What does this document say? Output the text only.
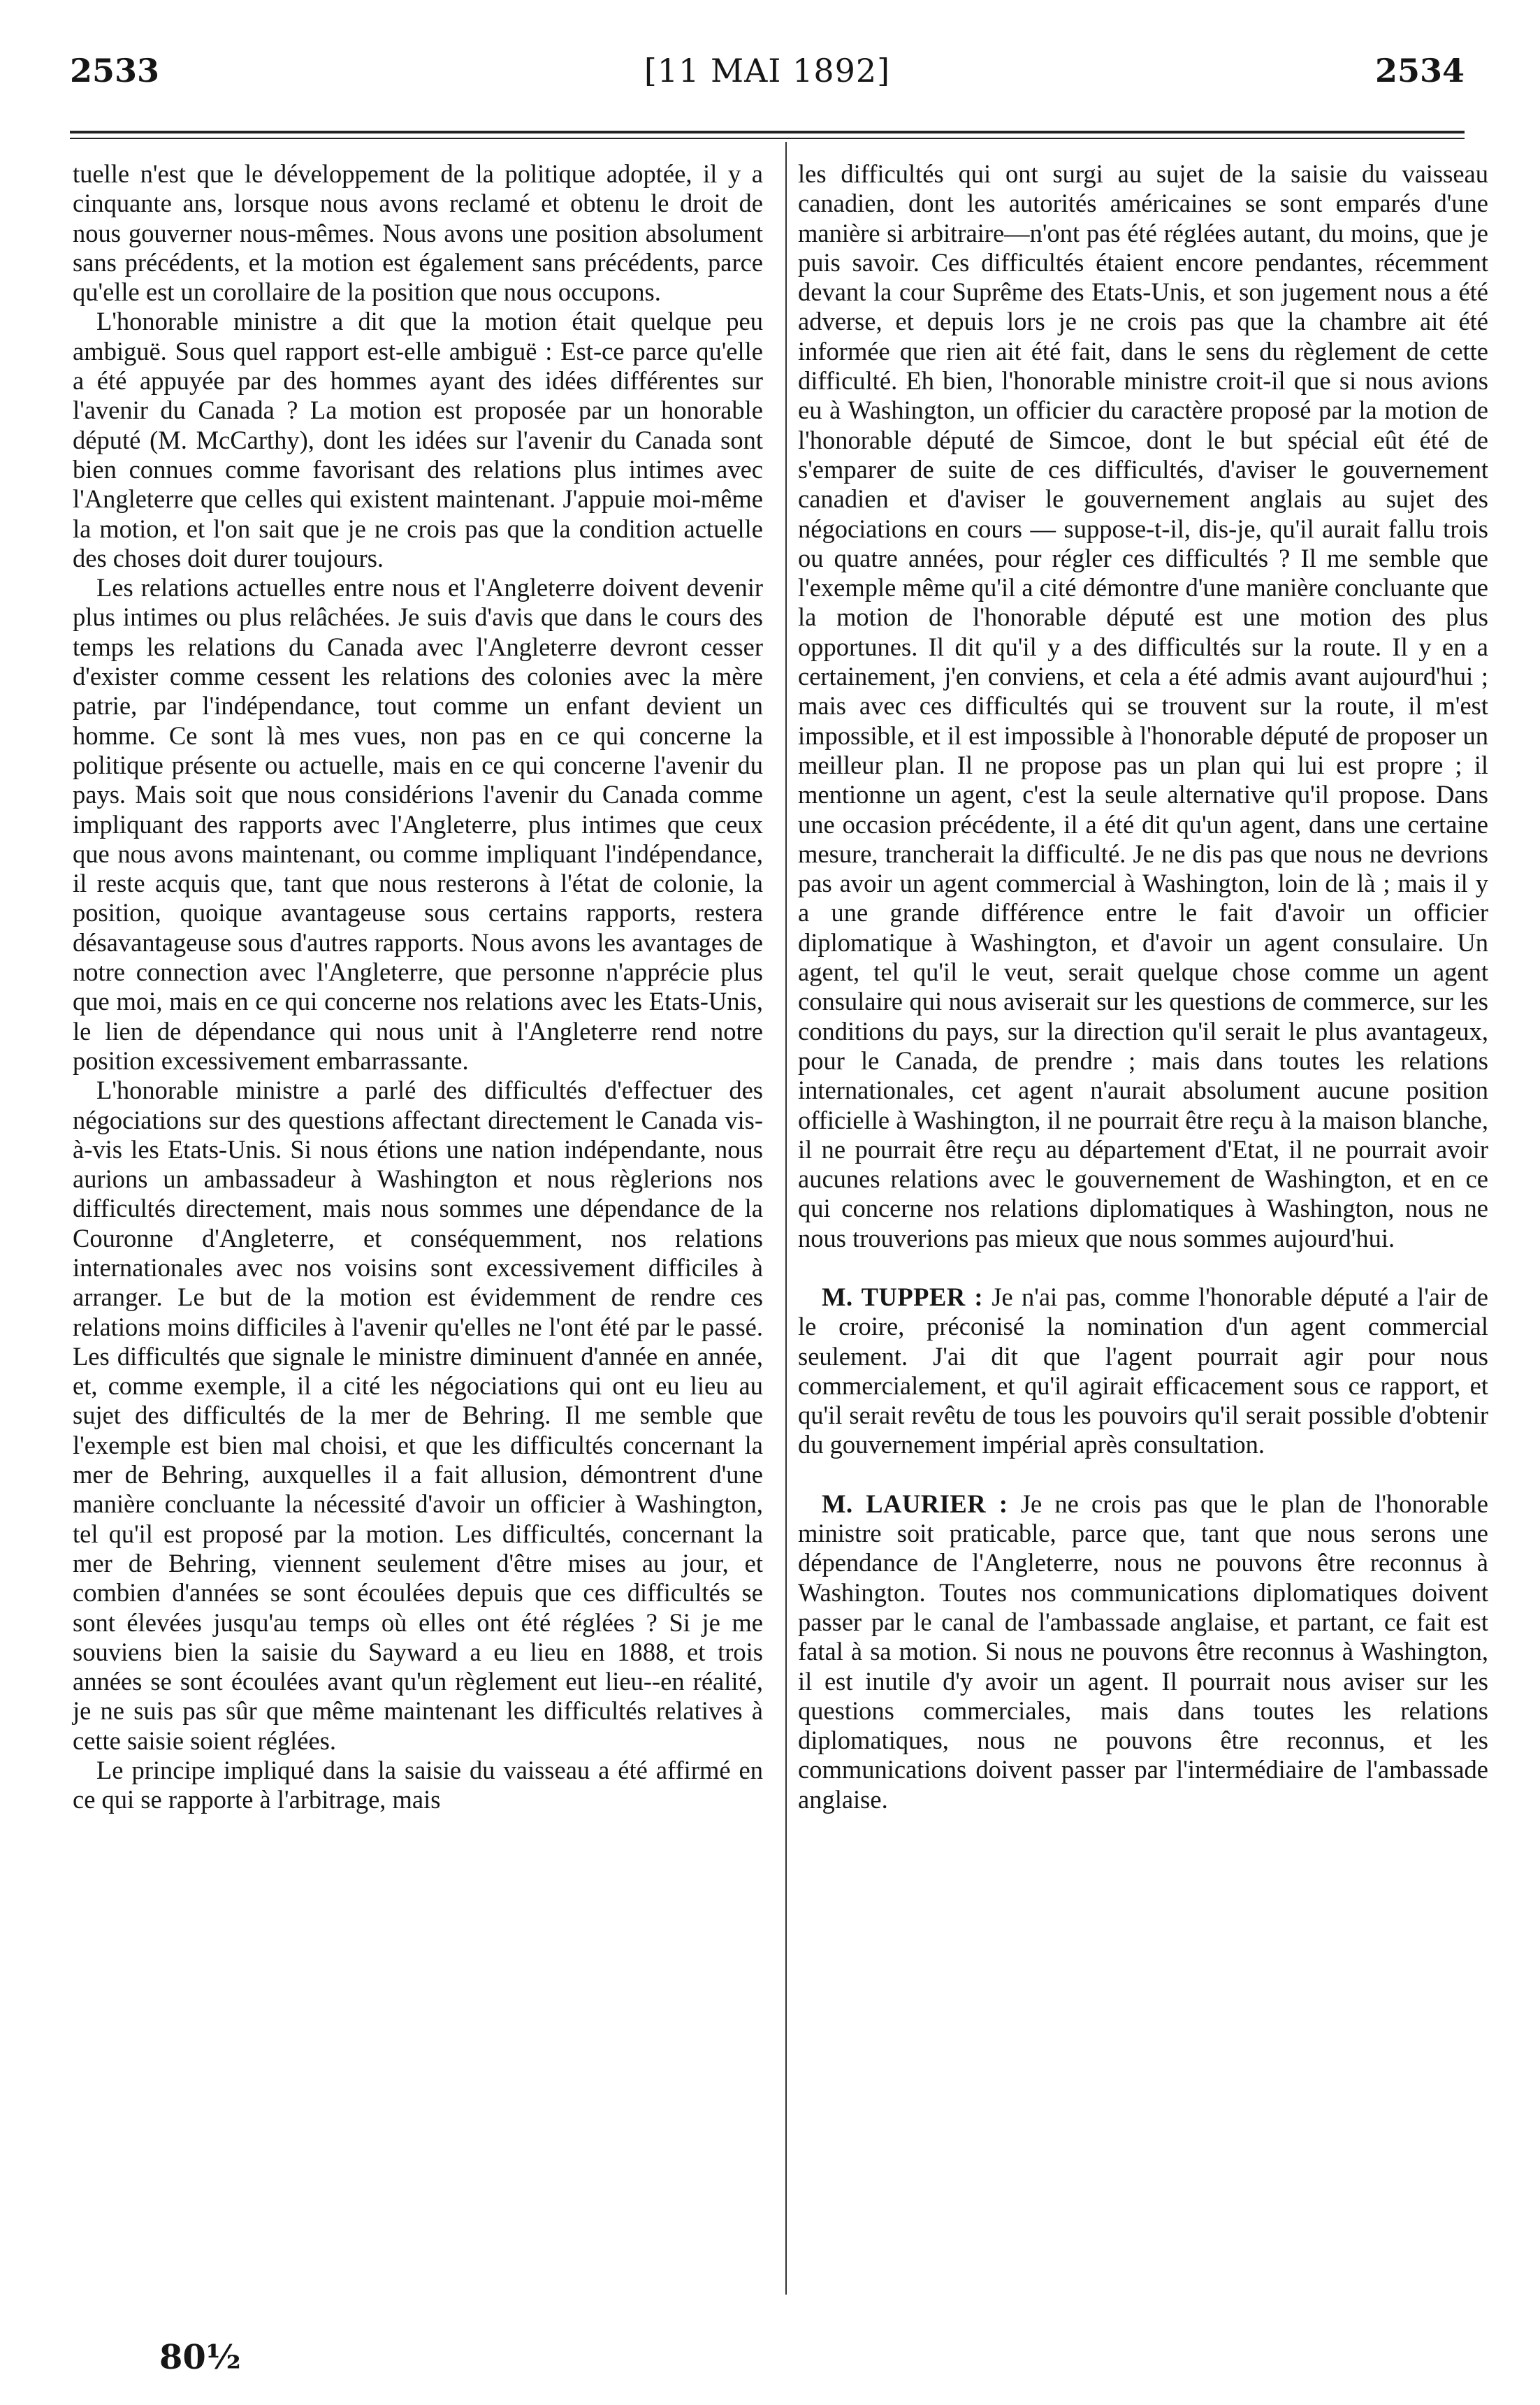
2533	[11 MAI 1892]	2534

tuelle n'est que le développement de la politique adoptée, il y a cinquante ans, lorsque nous avons reclamé et obtenu le droit de nous gouverner nous-mêmes. Nous avons une position absolument sans précédents, et la motion est également sans précédents, parce qu'elle est un corollaire de la position que nous occupons.

L'honorable ministre a dit que la motion était quelque peu ambiguë. Sous quel rapport est-elle ambiguë : Est-ce parce qu'elle a été appuyée par des hommes ayant des idées différentes sur l'avenir du Canada ? La motion est proposée par un honorable député (M. McCarthy), dont les idées sur l'avenir du Canada sont bien connues comme favorisant des relations plus intimes avec l'Angleterre que celles qui existent maintenant. J'appuie moi-même la motion, et l'on sait que je ne crois pas que la condition actuelle des choses doit durer toujours.

Les relations actuelles entre nous et l'Angleterre doivent devenir plus intimes ou plus relâchées. Je suis d'avis que dans le cours des temps les relations du Canada avec l'Angleterre devront cesser d'exister comme cessent les relations des colonies avec la mère patrie, par l'indépendance, tout comme un enfant devient un homme. Ce sont là mes vues, non pas en ce qui concerne la politique présente ou actuelle, mais en ce qui concerne l'avenir du pays. Mais soit que nous considérions l'avenir du Canada comme impliquant des rapports avec l'Angleterre, plus intimes que ceux que nous avons maintenant, ou comme impliquant l'indépendance, il reste acquis que, tant que nous resterons à l'état de colonie, la position, quoique avantageuse sous certains rapports, restera désavantageuse sous d'autres rapports. Nous avons les avantages de notre connection avec l'Angleterre, que personne n'apprécie plus que moi, mais en ce qui concerne nos relations avec les Etats-Unis, le lien de dépendance qui nous unit à l'Angleterre rend notre position excessivement embarrassante.

L'honorable ministre a parlé des difficultés d'effectuer des négociations sur des questions affectant directement le Canada vis-à-vis les Etats-Unis. Si nous étions une nation indépendante, nous aurions un ambassadeur à Washington et nous règlerions nos difficultés directement, mais nous sommes une dépendance de la Couronne d'Angleterre, et conséquemment, nos relations internationales avec nos voisins sont excessivement difficiles à arranger. Le but de la motion est évidemment de rendre ces relations moins difficiles à l'avenir qu'elles ne l'ont été par le passé. Les difficultés que signale le ministre diminuent d'année en année, et, comme exemple, il a cité les négociations qui ont eu lieu au sujet des difficultés de la mer de Behring. Il me semble que l'exemple est bien mal choisi, et que les difficultés concernant la mer de Behring, auxquelles il a fait allusion, démontrent d'une manière concluante la nécessité d'avoir un officier à Washington, tel qu'il est proposé par la motion. Les difficultés, concernant la mer de Behring, viennent seulement d'être mises au jour, et combien d'années se sont écoulées depuis que ces difficultés se sont élevées jusqu'au temps où elles ont été réglées ? Si je me souviens bien la saisie du Sayward a eu lieu en 1888, et trois années se sont écoulées avant qu'un règlement eut lieu--en réalité, je ne suis pas sûr que même maintenant les difficultés relatives à cette saisie soient réglées.

Le principe impliqué dans la saisie du vaisseau a été affirmé en ce qui se rapporte à l'arbitrage, mais

les difficultés qui ont surgi au sujet de la saisie du vaisseau canadien, dont les autorités américaines se sont emparés d'une manière si arbitraire—n'ont pas été réglées autant, du moins, que je puis savoir. Ces difficultés étaient encore pendantes, récemment devant la cour Suprême des Etats-Unis, et son jugement nous a été adverse, et depuis lors je ne crois pas que la chambre ait été informée que rien ait été fait, dans le sens du règlement de cette difficulté. Eh bien, l'honorable ministre croit-il que si nous avions eu à Washington, un officier du caractère proposé par la motion de l'honorable député de Simcoe, dont le but spécial eût été de s'emparer de suite de ces difficultés, d'aviser le gouvernement canadien et d'aviser le gouvernement anglais au sujet des négociations en cours — suppose-t-il, dis-je, qu'il aurait fallu trois ou quatre années, pour régler ces difficultés ? Il me semble que l'exemple même qu'il a cité démontre d'une manière concluante que la motion de l'honorable député est une motion des plus opportunes. Il dit qu'il y a des difficultés sur la route. Il y en a certainement, j'en conviens, et cela a été admis avant aujourd'hui ; mais avec ces difficultés qui se trouvent sur la route, il m'est impossible, et il est impossible à l'honorable député de proposer un meilleur plan. Il ne propose pas un plan qui lui est propre ; il mentionne un agent, c'est la seule alternative qu'il propose. Dans une occasion précédente, il a été dit qu'un agent, dans une certaine mesure, trancherait la difficulté. Je ne dis pas que nous ne devrions pas avoir un agent commercial à Washington, loin de là ; mais il y a une grande différence entre le fait d'avoir un officier diplomatique à Washington, et d'avoir un agent consulaire. Un agent, tel qu'il le veut, serait quelque chose comme un agent consulaire qui nous aviserait sur les questions de commerce, sur les conditions du pays, sur la direction qu'il serait le plus avantageux, pour le Canada, de prendre ; mais dans toutes les relations internationales, cet agent n'aurait absolument aucune position officielle à Washington, il ne pourrait être reçu à la maison blanche, il ne pourrait être reçu au département d'Etat, il ne pourrait avoir aucunes relations avec le gouvernement de Washington, et en ce qui concerne nos relations diplomatiques à Washington, nous ne nous trouverions pas mieux que nous sommes aujourd'hui.

M. TUPPER : Je n'ai pas, comme l'honorable député a l'air de le croire, préconisé la nomination d'un agent commercial seulement. J'ai dit que l'agent pourrait agir pour nous commercialement, et qu'il agirait efficacement sous ce rapport, et qu'il serait revêtu de tous les pouvoirs qu'il serait possible d'obtenir du gouvernement impérial après consultation.

M. LAURIER : Je ne crois pas que le plan de l'honorable ministre soit praticable, parce que, tant que nous serons une dépendance de l'Angleterre, nous ne pouvons être reconnus à Washington. Toutes nos communications diplomatiques doivent passer par le canal de l'ambassade anglaise, et partant, ce fait est fatal à sa motion. Si nous ne pouvons être reconnus à Washington, il est inutile d'y avoir un agent. Il pourrait nous aviser sur les questions commerciales, mais dans toutes les relations diplomatiques, nous ne pouvons être reconnus, et les communications doivent passer par l'intermédiaire de l'ambassade anglaise.

80½
